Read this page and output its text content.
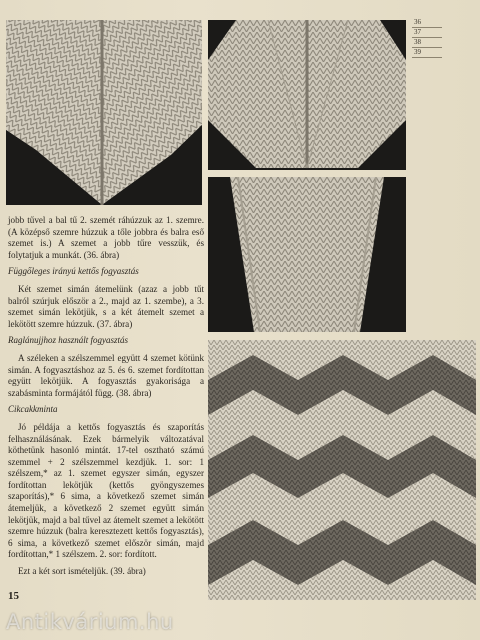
36
37
38
39

jobb tűvel a bal tű 2. szemét ráhúzzuk az 1. szemre. (A középső szemre húzzuk a tőle jobbra és balra eső szemet is.) A szemet a jobb tűre vesszük, és folytatjuk a munkát. (36. ábra)

Függőleges irányú kettős fogyasztás

Két szemet simán átemelünk (azaz a jobb tűt balról szúrjuk először a 2., majd az 1. szembe), a 3. szemet simán lekötjük, s a két átemelt szemet a lekötött szemre húzzuk. (37. ábra)

Raglánujjhoz használt fogyasztás

A széleken a szélszemmel együtt 4 szemet kötünk simán. A fogyasztáshoz az 5. és 6. szemet fordítottan együtt lekötjük. A fogyasztás gyakorisága a szabásminta formájától függ. (38. ábra)

Cikcakkminta

Jó példája a kettős fogyasztás és szaporítás felhasználásának. Ezek bármelyik változatával köthetünk hasonló mintát. 17-tel osztható számú szemmel + 2 szélszemmel kezdjük. 1. sor: 1 szélszem,* az 1. szemet egyszer simán, egyszer fordítottan lekötjük (kettős gyöngyszemes szaporítás),* 6 sima, a következő szemet simán átemeljük, a következő 2 szemet együtt simán lekötjük, majd a bal tűvel az átemelt szemet a lekötött szemre húzzuk (balra keresztezett kettős fogyasztás), 6 sima, a következő szemet először simán, majd fordítottan,* 1 szélszem. 2. sor: fordított.

Ezt a két sort ismételjük. (39. ábra)

15
Antikvárium.hu
